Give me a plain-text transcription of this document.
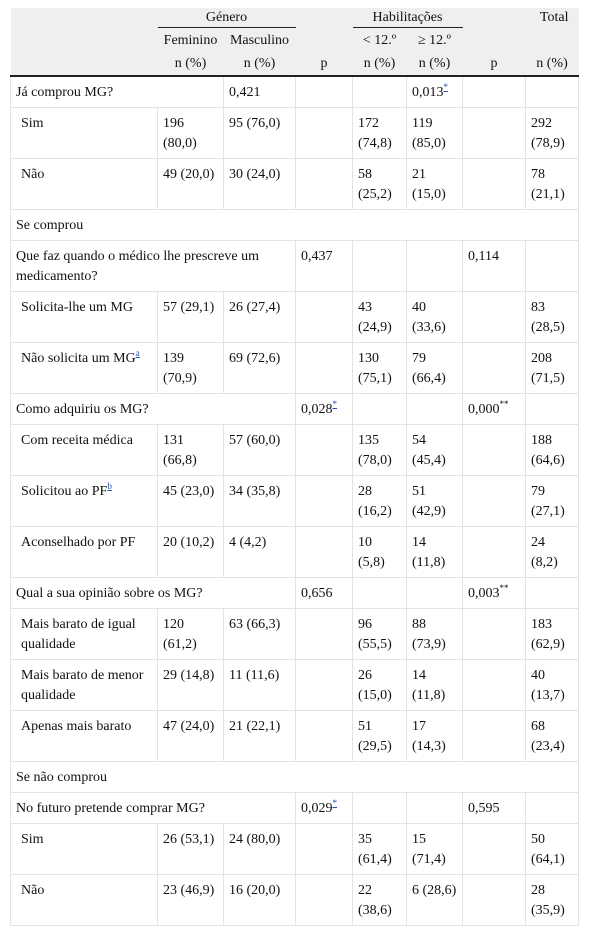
	Género			Habilitações			Total
	Feminino	Masculino		< 12.º	≥ 12.º		
	n (%)	n (%)	p	n (%)	n (%)	p	n (%)
Já comprou MG?		0,421			0,013*		
Sim	196 (80,0)	95 (76,0)		172 (74,8)	119 (85,0)		292 (78,9)
Não	49 (20,0)	30 (24,0)		58 (25,2)	21 (15,0)		78 (21,1)
Se comprou							
Que faz quando o médico lhe prescreve um medicamento?			0,437			0,114	
Solicita-lhe um MG	57 (29,1)	26 (27,4)		43 (24,9)	40 (33,6)		83 (28,5)
Não solicita um $MG^a$	139 (70,9)	69 (72,6)		130 (75,1)	79 (66,4)		208 (71,5)
Como adquiriu os MG?			0,028*			0,000**	
Com receita médica	131 (66,8)	57 (60,0)		135 (78,0)	54 (45,4)		188 (64,6)
Solicitou ao $PF^b$	45 (23,0)	34 (35,8)		28 (16,2)	51 (42,9)		79 (27,1)
Aconselhado por PF	20 (10,2)	4 (4,2)		10 (5,8)	14 (11,8)		24 (8,2)
Qual a sua opinião sobre os MG?			0,656			0,003**	
Mais barato de igual qualidade	120 (61,2)	63 (66,3)		96 (55,5)	88 (73,9)		183 (62,9)
Mais barato de menor qualidade	29 (14,8)	11 (11,6)		26 (15,0)	14 (11,8)		40 (13,7)
Apenas mais barato	47 (24,0)	21 (22,1)		51 (29,5)	17 (14,3)		68 (23,4)
Se não comprou							
No futuro pretende comprar MG?			0,029*			0,595	
Sim	26 (53,1)	24 (80,0)		35 (61,4)	15 (71,4)		50 (64,1)
Não	23 (46,9)	16 (20,0)		22 (38,6)	6 (28,6)		28 (35,9)
